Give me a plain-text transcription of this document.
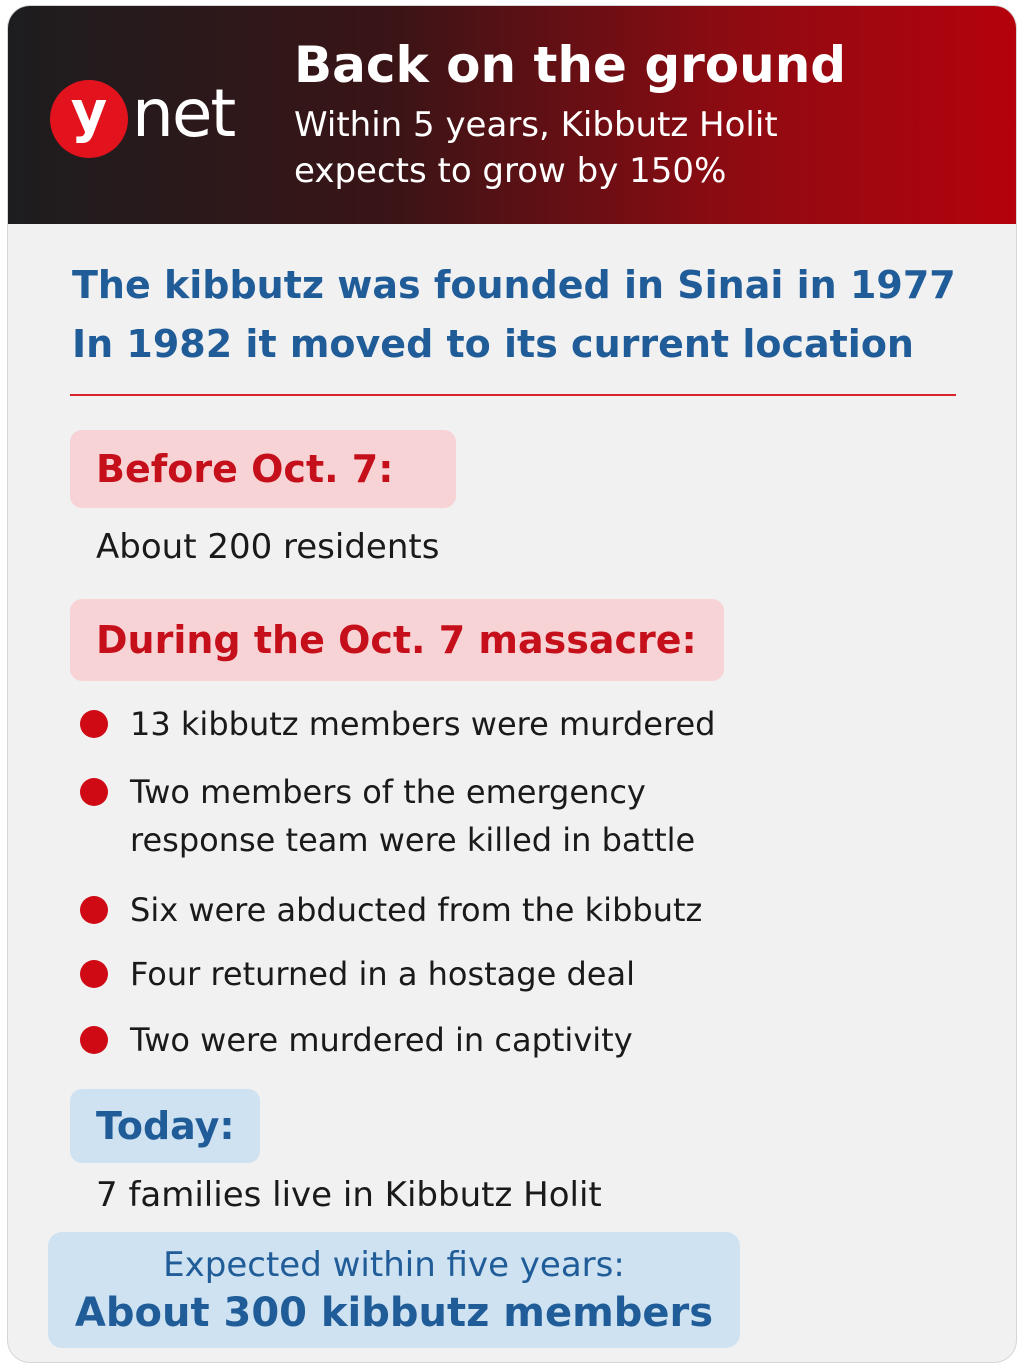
y net
Back on the ground
Within 5 years, Kibbutz Holit
expects to grow by 150%
The kibbutz was founded in Sinai in 1977
In 1982 it moved to its current location
Before Oct. 7:
About 200 residents
During the Oct. 7 massacre:
13 kibbutz members were murdered
Two members of the emergency
response team were killed in battle
Six were abducted from the kibbutz
Four returned in a hostage deal
Two were murdered in captivity
Today:
7 families live in Kibbutz Holit
Expected within five years:
About 300 kibbutz members
